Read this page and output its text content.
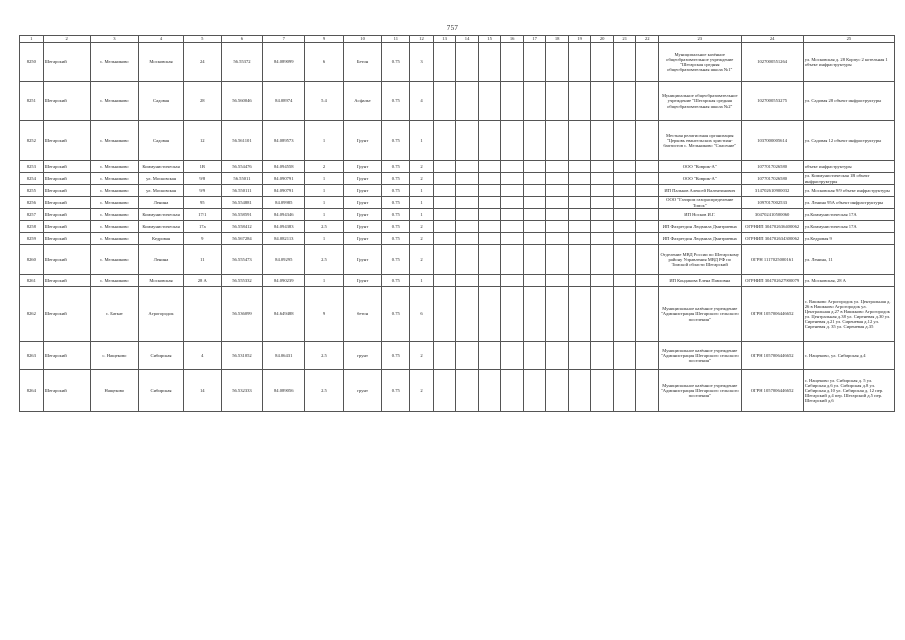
757
1	2	3	4	5	6	7	9	10	11	12	13	14	15	16	17	18	19	20	21	22	23	24	25
8250	Шегарский	с. Мельниково	Московская	24	56.55372	84.089099	6	Бетон	0.75	3											Муниципальное казённое общеобразовательное учреждение "Шегарская средняя общеобразовательная школа №1"	1027000551264	ул. Московская д. 28 Корпус 2 котельная 1 объект инфраструктуры
8251	Шегарский	с. Мельниково	Садовая	28	56.560046	84.08974	5.4	Асфальт	0.75	4											Муниципальное общеобразовательное учреждение "Шегарская средняя общеобразовательная школа №2"	1027000553275	ул. Садовая 28 объект инфраструктуры
8252	Шегарский	с. Мельниково	Садовая	12	56.561101	84.089573	1	Грунт	0.75	1											Местная религиозная организация "Церковь евангельских христиан-баптистов с. Мельниково "Спасение"	1037000005614	ул. Садовая 12 объект инфраструктуры
8253	Шегарский	с. Мельниково	Коммунистическая	1В	56.554476	84.094558	2	Грунт	0.75	2											ООО "Коврик-А"	1077017026580	объект инфраструктуры
8254	Шегарский	с. Мельниково	ул. Московская	9/8	56.55011	84.090791	1	Грунт	0.75	2											ООО "Коврик-А"	1077017026580	ул. Коммунистическая 1В объект инфраструктуры
8255	Шегарский	с. Мельниково	ул. Московская	9/9	56.550111	84.090791	1	Грунт	0.75	1											ИП Пальков Алексей Валентинович	314702610900032	ул. Московская 9/9 объект инфраструктуры
8256	Шегарский	с. Мельниково	Ленина	95	56.554881	84.09985	1	Грунт	0.75	1											ООО "Газпром газораспределение Томск"	1097017002533	ул. Ленина 95А объект инфраструктуры
8257	Шегарский	с. Мельниково	Коммунистическая	17/1	56.558591	84.094346	1	Грунт	0.75	1											ИП Носков И.Г.	304702410500060	ул.Коммунистическая 17А
8258	Шегарский	с. Мельниково	Коммунистическая	17а	56.558412	84.094383	2.5	Грунт	0.75	2											ИП Фахретдин Людмила Дмитриевна	ОГРНИП 304702636400062	ул.Коммунистическая 17А
8259	Шегарский	с. Мельниково	Кедровая	9	56.567284	84.082113	1	Грунт	0.75	2											ИП Фахретдин Людмила Дмитриевна	ОГРНИП 304702634300062	ул.Кедровая 9
8260	Шегарский	с. Мельниково	Ленина	11	56.555473	84.09295	2.5	Грунт	0.75	2											Отделение МВД России по Шегарскому району Управления МВД РФ по Томской области Шегарский	ОГРН 1117025000161	ул. Ленина, 11
8261	Шегарский	с. Мельниково	Московская	28 А	56.555332	84.090239	1	Грунт	0.75	1											ИП Кондакова Елена Павловна	ОГРНИП 304702627900079	ул. Московская, 28 А
8262	Шегарский	с. Баткат	Агрогородок		56.536099	84.649488	9	бетон	0.75	6											Муниципальное казённое учреждение "Администрация Шегарского сельского поселения"	ОГРН 1057006446652	с. Вашково Агрогородок ул. Центральная д. 26 в Нашкково Агрогородок ул. Центральная д.27 в Нашкково Агрогородок ул. Центральная д.38 ул. Сиреневая д.30 ул. Сиреневая д.21 ул. Сиреневая д.12 ул. Сиреневая д. 35 ул. Сиреневая д.35
8263	Шегарский	с. Нащеково	Сибирская	4	56.531052	84.06431	2.5	грунт	0.75	2											Муниципальное казённое учреждение "Администрация Шегарского сельского поселения"	ОГРН 1057006446652	с. Нащеково, ул. Сибирская д.4
8264	Шегарский	Нащеково	Сибирская	14	56.532333	84.089056	2.5	грунт	0.75	2											Муниципальное казённое учреждение "Администрация Шегарского сельского поселения"	ОГРН 1057006446652	с. Нащеково ул. Сибирская д. 5 ул. Сибирская д.6 ул. Сибирская д.8 ул. Сибирская д.10 ул. Сибирская д. 12 пер. Шегарский д.4 пер. Шегарский д.5 пер. Шегарский д.6
